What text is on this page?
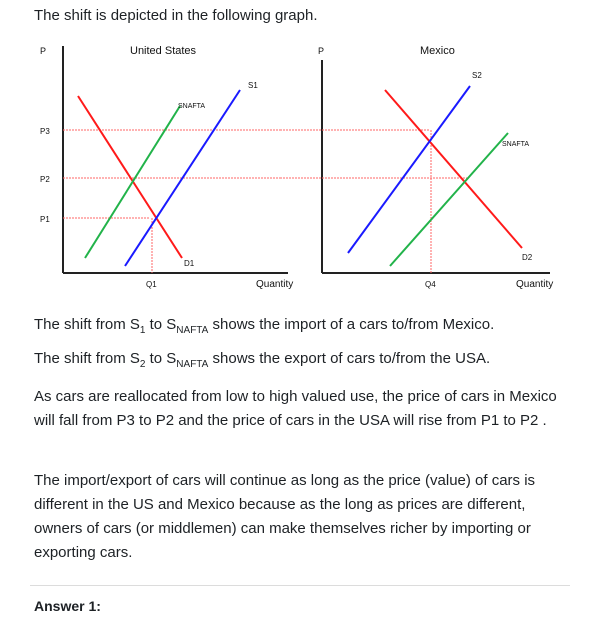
The shift is depicted in the following graph.

United States
P
P3
P2
P1
S1
SNAFTA
D1
Q1	Quantity
Mexico
P
S2
SNAFTA
D2
Q4	Quantity

The shift from $S_1$ to $S_{NAFTA}$ shows the import of a cars to/from Mexico.

The shift from $S_2$ to $S_{NAFTA}$ shows the export of cars to/from the USA.

As cars are reallocated from low to high valued use, the price of cars in Mexico will fall from P3 to P2 and the price of cars in the USA will rise from P1 to P2 .

The import/export of cars will continue as long as the price (value) of cars is different in the US and Mexico because as the long as prices are different, owners of cars (or middlemen) can make themselves richer by importing or exporting cars.

Answer 1:
